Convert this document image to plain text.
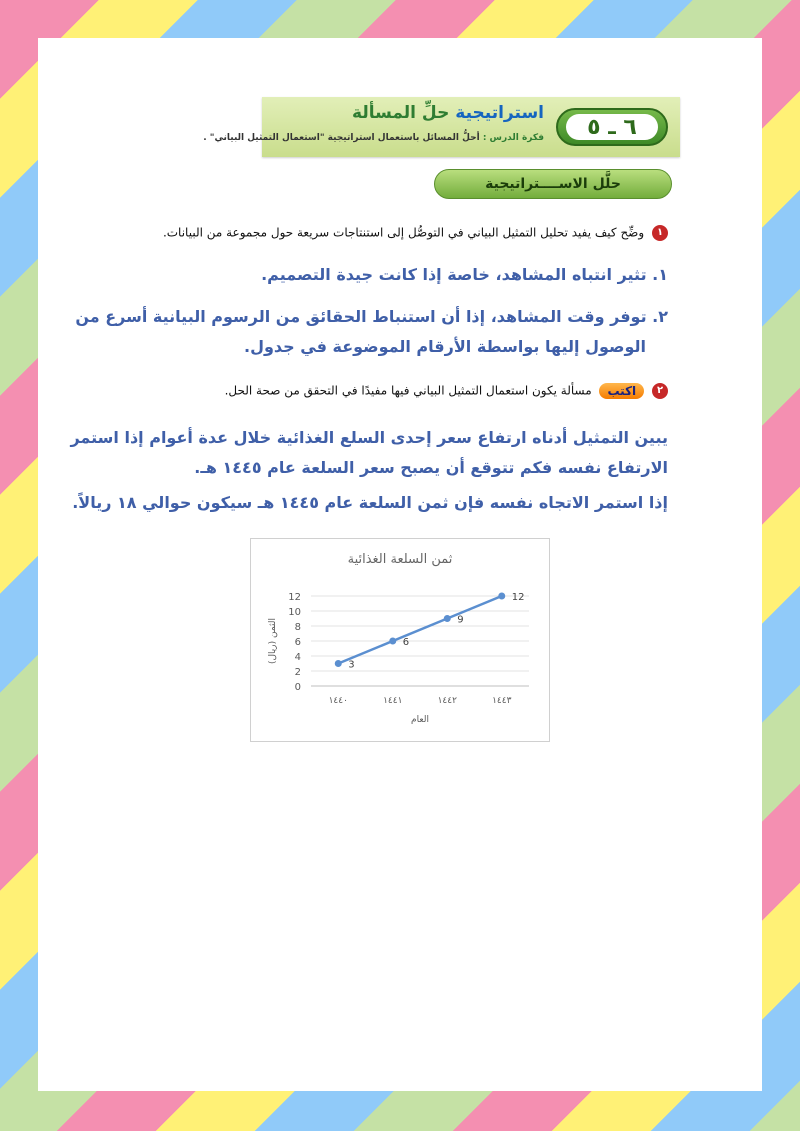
٦ ـ ٥
استراتيجية حلِّ المسألة
فكرة الدرس : أحلُّ المسائل باستعمال استراتيجية "استعمال التمثيل البياني" .
حلَّل الاســــتراتيجية
١ وضِّح كيف يفيد تحليل التمثيل البياني في التوصُّل إلى استنتاجات سريعة حول مجموعة من البيانات.
١. تثير انتباه المشاهد، خاصة إذا كانت جيدة التصميم.
٢. توفر وقت المشاهد، إذا أن استنباط الحقائق من الرسوم البيانية أسرع من
الوصول إليها بواسطة الأرقام الموضوعة في جدول.
٢ اكتب مسألة يكون استعمال التمثيل البياني فيها مفيدًا في التحقق من صحة الحل.
يبين التمثيل أدناه ارتفاع سعر إحدى السلع الغذائية خلال عدة أعوام إذا استمر
الارتفاع نفسه فكم تتوقع أن يصبح سعر السلعة عام ١٤٤٥ هـ.
إذا استمر الاتجاه نفسه فإن ثمن السلعة عام ١٤٤٥ هـ سيكون حوالي ١٨ ريالاً.
ثمن السلعة الغذائية
0
2
4
6
8
10
12
١٤٤٠	١٤٤١	١٤٤٢	١٤٤٣
العام
الثمن (ريال)
3
6
9
12
